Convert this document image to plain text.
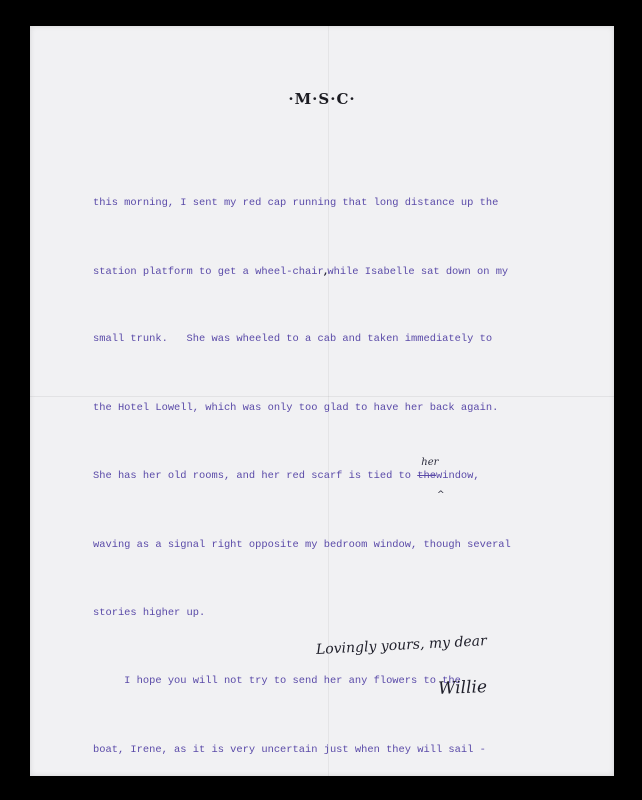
·M·S·C·

this morning, I sent my red cap running that long distance up the

station platform to get a wheel-chair,while Isabelle sat down on my

small trunk.   She was wheeled to a cab and taken immediately to

the Hotel Lowell, which was only too glad to have her back again.

She has her old rooms, and her red scarf is tied to the
her
^
window,

waving as a signal right opposite my bedroom window, though several

stories higher up.

I hope you will not try to send her any flowers to the

boat, Irene, as it is very uncertain just when they will sail -

Lovingly yours, my dear
Willie
